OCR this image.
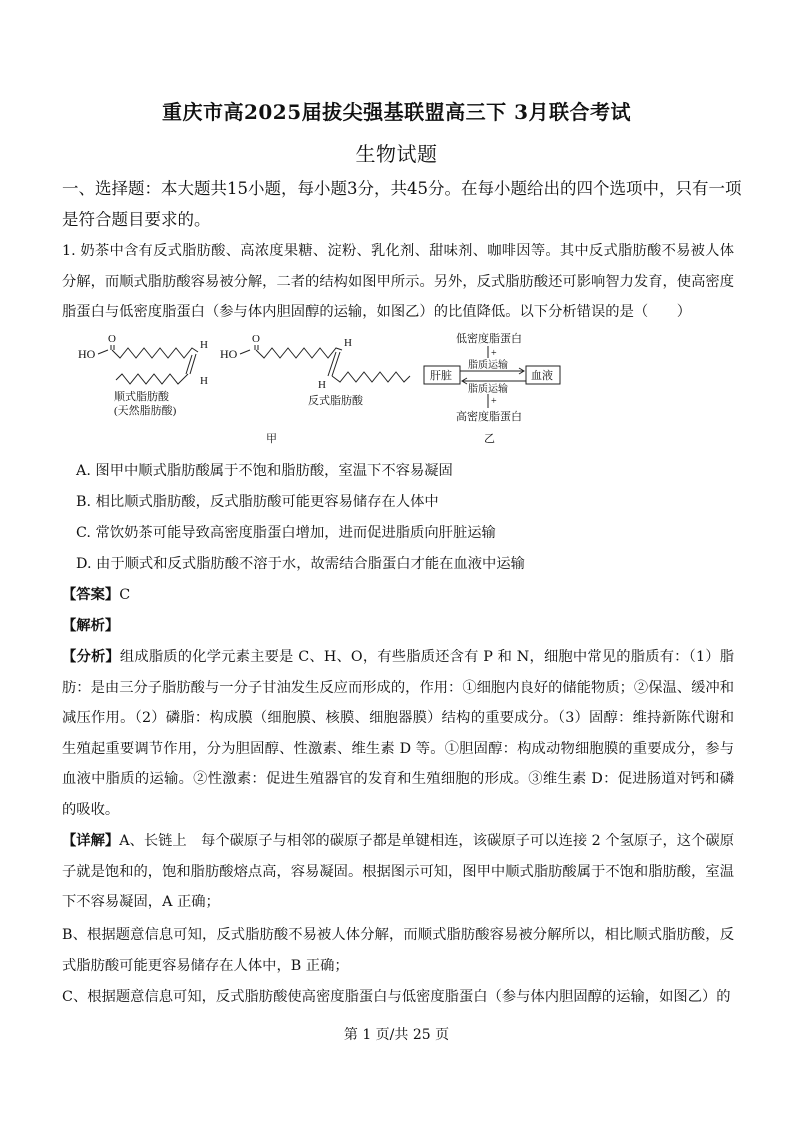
重庆市高2025届拔尖强基联盟高三下 3月联合考试
生物试题
一、选择题：本大题共15小题，每小题3分，共45分。在每小题给出的四个选项中，只有一项是符合题目要求的。
1. 奶茶中含有反式脂肪酸、高浓度果糖、淀粉、乳化剂、甜味剂、咖啡因等。其中反式脂肪酸不易被人体分解，而顺式脂肪酸容易被分解，二者的结构如图甲所示。另外，反式脂肪酸还可影响智力发育，使高密度脂蛋白与低密度脂蛋白（参与体内胆固醇的运输，如图乙）的比值降低。以下分析错误的是（　　）
HO
O	H
H
顺式脂肪酸
(天然脂肪酸)
HO
O	H
H
反式脂肪酸
甲
低密度脂蛋白
+
脂质运输
肝脏	血液
脂质运输
+
高密度脂蛋白
乙
A. 图甲中顺式脂肪酸属于不饱和脂肪酸，室温下不容易凝固
B. 相比顺式脂肪酸，反式脂肪酸可能更容易储存在人体中
C. 常饮奶茶可能导致高密度脂蛋白增加，进而促进脂质向肝脏运输
D. 由于顺式和反式脂肪酸不溶于水，故需结合脂蛋白才能在血液中运输
【答案】C
【解析】
【分析】组成脂质的化学元素主要是 C、H、O，有些脂质还含有 P 和 N，细胞中常见的脂质有：（1）脂肪：是由三分子脂肪酸与一分子甘油发生反应而形成的，作用：①细胞内良好的储能物质；②保温、缓冲和减压作用。（2）磷脂：构成膜（细胞膜、核膜、细胞器膜）结构的重要成分。（3）固醇：维持新陈代谢和生殖起重要调节作用，分为胆固醇、性激素、维生素 D 等。①胆固醇：构成动物细胞膜的重要成分，参与血液中脂质的运输。②性激素：促进生殖器官的发育和生殖细胞的形成。③维生素 D：促进肠道对钙和磷的吸收。
【详解】A、长链上　每个碳原子与相邻的碳原子都是单键相连，该碳原子可以连接 2 个氢原子，这个碳原子就是饱和的，饱和脂肪酸熔点高，容易凝固。根据图示可知，图甲中顺式脂肪酸属于不饱和脂肪酸，室温下不容易凝固，A 正确；
B、根据题意信息可知，反式脂肪酸不易被人体分解，而顺式脂肪酸容易被分解所以，相比顺式脂肪酸，反式脂肪酸可能更容易储存在人体中，B 正确；
C、根据题意信息可知，反式脂肪酸使高密度脂蛋白与低密度脂蛋白（参与体内胆固醇的运输，如图乙）的
第 1 页/共 25 页
